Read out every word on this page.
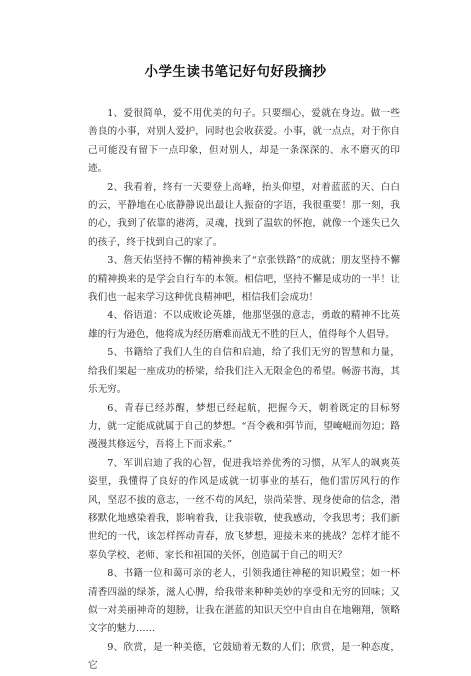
小学生读书笔记好句好段摘抄

1、爱很简单，爱不用优美的句子。只要细心，爱就在身边。做一些善良的小事，对别人爱护，同时也会收获爱。小事，就一点点，对于你自己可能没有留下一点印象，但对别人，却是一条深深的、永不磨灭的印迹。

2、我看着，终有一天要登上高峰，抬头仰望，对着蓝蓝的天、白白的云，平静地在心底静静说出最让人振奋的字语，我很重要！那一刻，我的心，我到了依靠的港湾，灵魂，找到了温软的怀抱，就像一个迷失已久的孩子，终于找到自己的家了。

3、詹天佑坚持不懈的精神换来了“京张铁路”的成就；朋友坚持不懈的精神换来的是学会自行车的本领。相信吧，坚持不懈是成功的一半！让我们也一起来学习这种优良精神吧，相信我们会成功！

4、俗语道：不以成败论英雄，他那坚强的意志，勇敢的精神不比英雄的行为逊色，他将成为经历磨难而战无不胜的巨人，值得每个人倡导。

5、书籍给了我们人生的自信和启迪，给了我们无穷的智慧和力量，给我们架起一座成功的桥梁，给我们注入无限金色的希望。畅游书海，其乐无穷。

6、青春已经苏醒，梦想已经起航，把握今天，朝着既定的目标努力，就一定能成就属于自己的梦想。“吾令羲和弭节而，望崦嵫而勿迫；路漫漫其修远兮，吾将上下而求索。”

7、军训启迪了我的心智，促进我培养优秀的习惯，从军人的飒爽英姿里，我懂得了良好的作风是成就一切事业的基石，他们雷厉风行的作风，坚忍不拔的意志，一丝不苟的风纪，崇尚荣誉、现身使命的信念，潜移默化地感染着我，影响着我，让我崇敬，使我感动，令我思考；我们新世纪的一代，该怎样挥动青春，放飞梦想，迎接未来的挑战？怎样才能不辜负学校、老师、家长和祖国的关怀，创造属于自己的明天？

8、书籍一位和蔼可亲的老人，引领我通往神秘的知识殿堂；如一杯清香四溢的绿茶，滋人心脾，给我带来种种美妙的享受和无穷的回味；又似一对美丽神奇的翅膀，让我在湛蓝的知识天空中自由自在地翱翔，领略文字的魅力……

9、欣赏，是一种美德，它鼓励着无数的人们；欣赏，是一种态度，它
